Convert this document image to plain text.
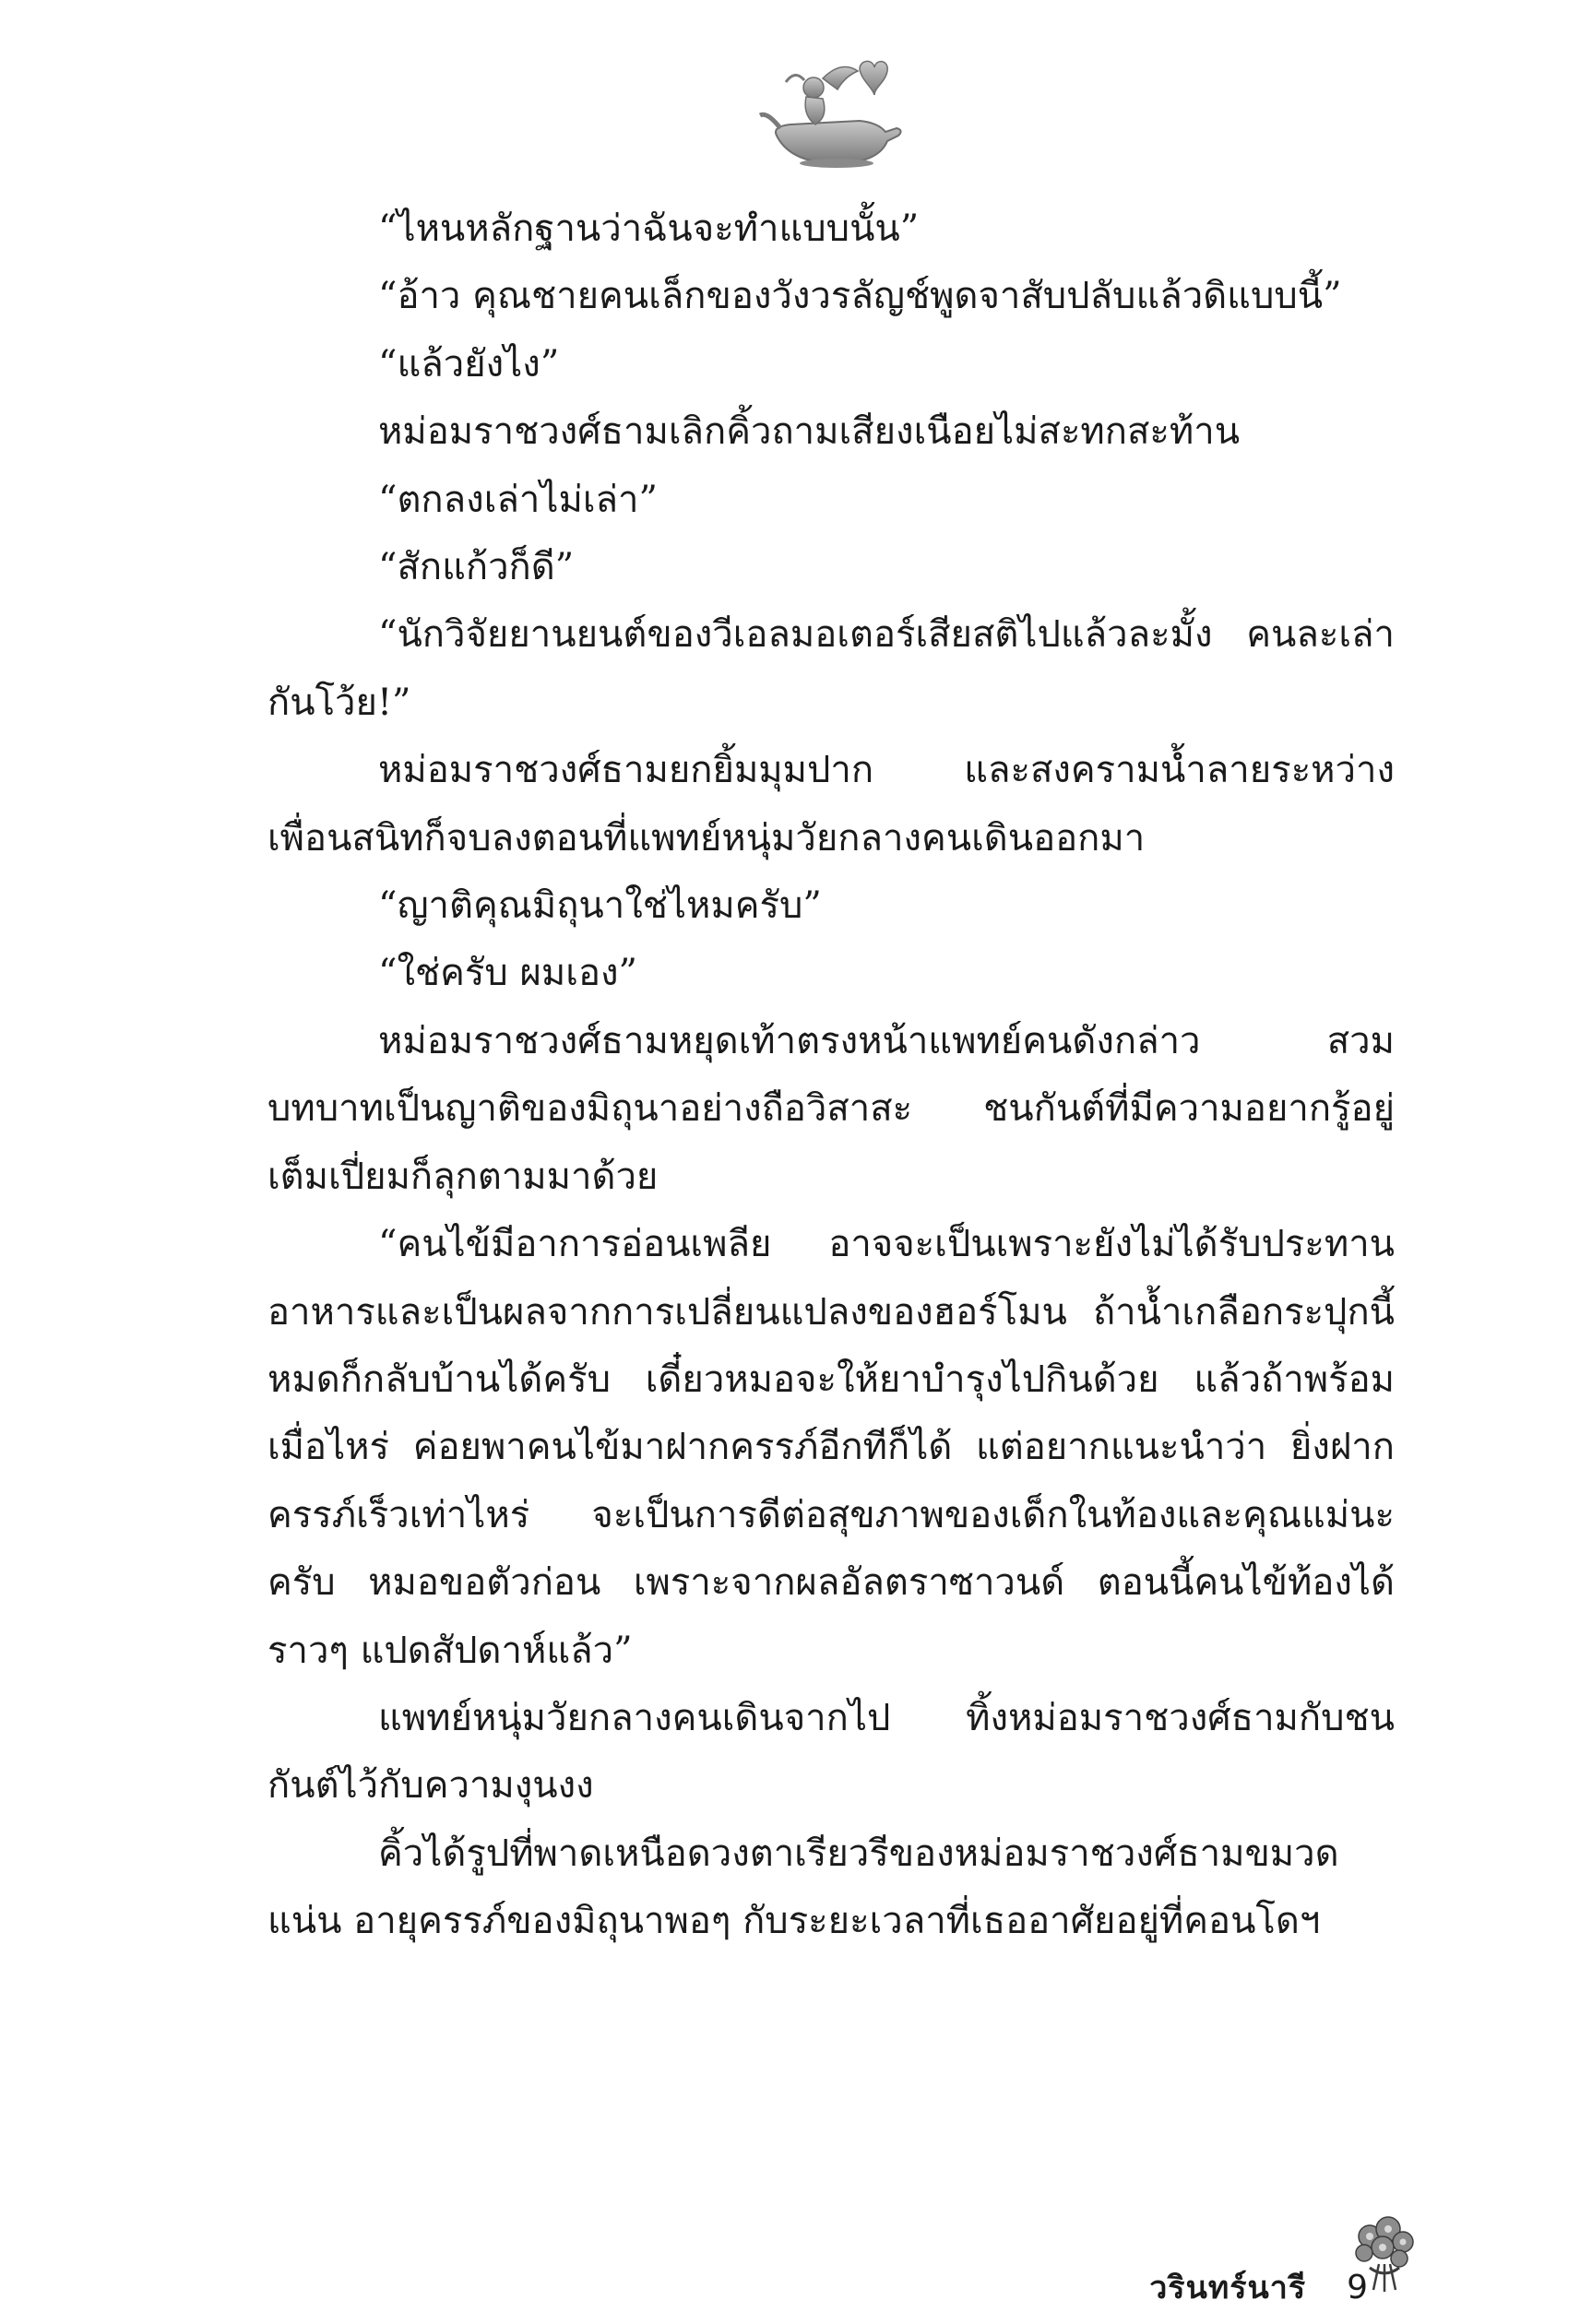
“ไหนหลักฐานว่าฉันจะทำแบบนั้น”

“อ้าว คุณชายคนเล็กของวังวรลัญช์พูดจาสับปลับแล้วดิแบบนี้”

“แล้วยังไง”

หม่อมราชวงศ์ธามเลิกคิ้วถามเสียงเนือยไม่สะทกสะท้าน

“ตกลงเล่าไม่เล่า”

“สักแก้วก็ดี”

“นักวิจัยยานยนต์ของวีเอลมอเตอร์เสียสติไปแล้วละมั้ง คนละเล่ากันโว้ย!”

หม่อมราชวงศ์ธามยกยิ้มมุมปาก และสงครามน้ำลายระหว่างเพื่อนสนิทก็จบลงตอนที่แพทย์หนุ่มวัยกลางคนเดินออกมา

“ญาติคุณมิถุนาใช่ไหมครับ”

“ใช่ครับ ผมเอง”

หม่อมราชวงศ์ธามหยุดเท้าตรงหน้าแพทย์คนดังกล่าว สวมบทบาทเป็นญาติของมิถุนาอย่างถือวิสาสะ ชนกันต์ที่มีความอยากรู้อยู่เต็มเปี่ยมก็ลุกตามมาด้วย

“คนไข้มีอาการอ่อนเพลีย อาจจะเป็นเพราะยังไม่ได้รับประทานอาหารและเป็นผลจากการเปลี่ยนแปลงของฮอร์โมน ถ้าน้ำเกลือกระปุกนี้หมดก็กลับบ้านได้ครับ เดี๋ยวหมอจะให้ยาบำรุงไปกินด้วย แล้วถ้าพร้อมเมื่อไหร่ ค่อยพาคนไข้มาฝากครรภ์อีกทีก็ได้ แต่อยากแนะนำว่า ยิ่งฝากครรภ์เร็วเท่าไหร่ จะเป็นการดีต่อสุขภาพของเด็กในท้องและคุณแม่นะครับ หมอขอตัวก่อน เพราะจากผลอัลตราซาวนด์ ตอนนี้คนไข้ท้องได้ราวๆ แปดสัปดาห์แล้ว”

แพทย์หนุ่มวัยกลางคนเดินจากไป ทิ้งหม่อมราชวงศ์ธามกับชนกันต์ไว้กับความงุนงง

คิ้วได้รูปที่พาดเหนือดวงตาเรียวรีของหม่อมราชวงศ์ธามขมวดแน่น อายุครรภ์ของมิถุนาพอๆ กับระยะเวลาที่เธออาศัยอยู่ที่คอนโดฯ

วรินทร์นารี 9
